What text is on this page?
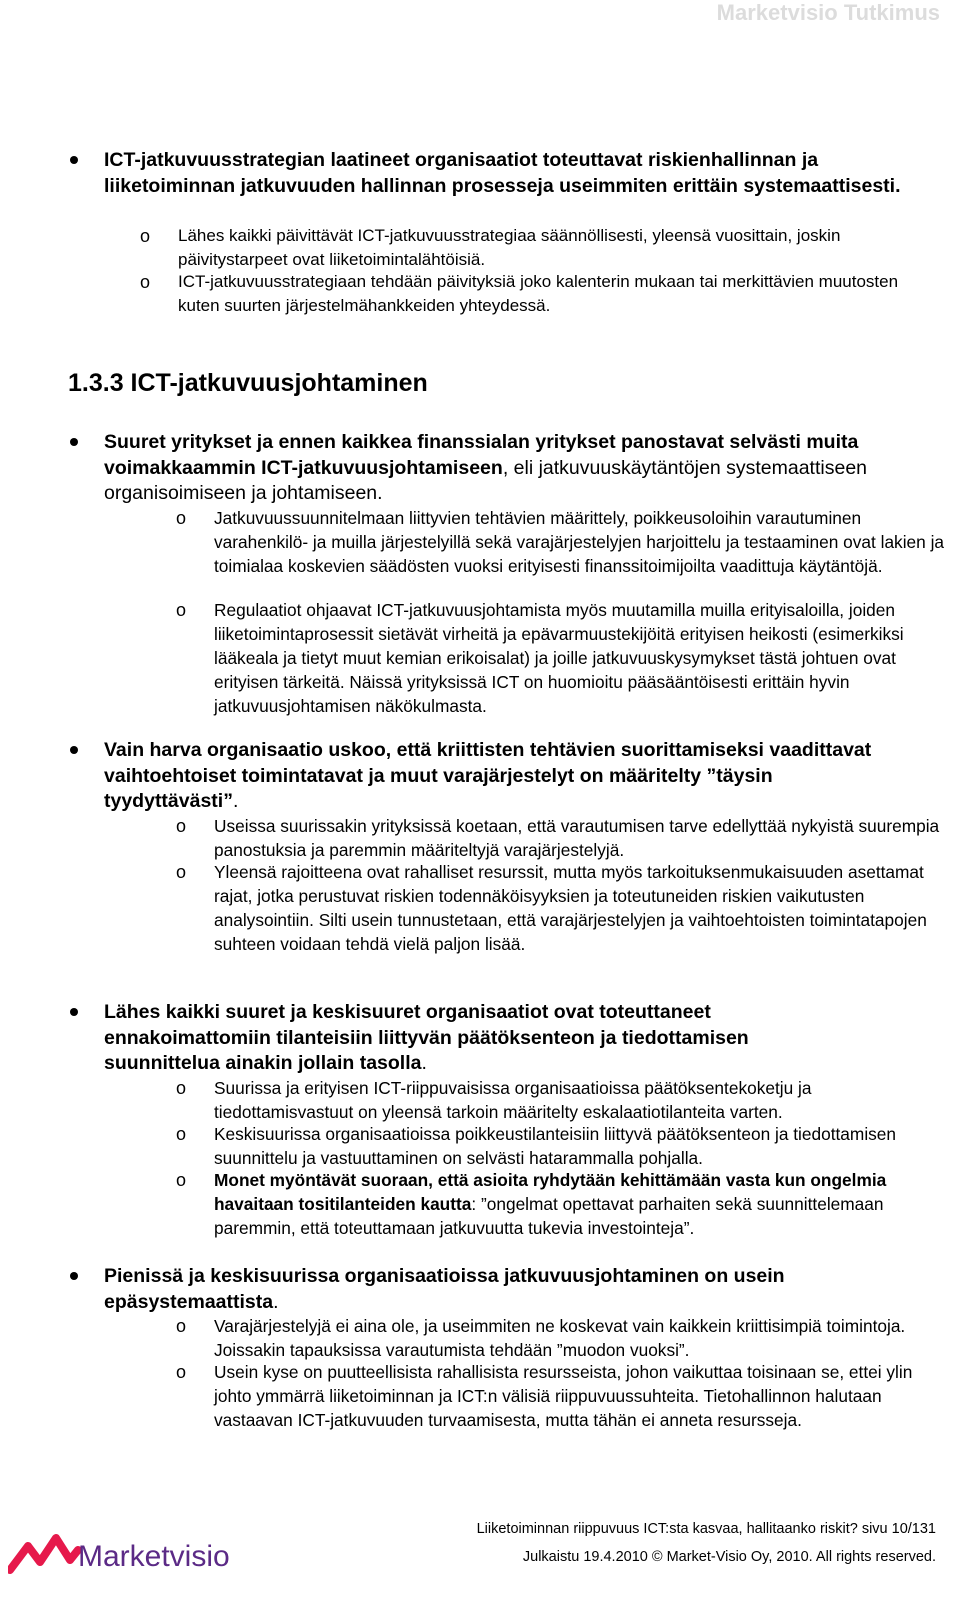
Marketvisio Tutkimus
ICT-jatkuvuusstrategian laatineet organisaatiot toteuttavat riskienhallinnan ja liiketoiminnan jatkuvuuden hallinnan prosesseja useimmiten erittäin systemaattisesti.
o Lähes kaikki päivittävät ICT-jatkuvuusstrategiaa säännöllisesti, yleensä vuosittain, joskin päivitystarpeet ovat liiketoimintalähtöisiä.
o ICT-jatkuvuusstrategiaan tehdään päivityksiä joko kalenterin mukaan tai merkittävien muutosten kuten suurten järjestelmähankkeiden yhteydessä.
1.3.3 ICT-jatkuvuusjohtaminen
Suuret yritykset ja ennen kaikkea finanssialan yritykset panostavat selvästi muita voimakkaammin ICT-jatkuvuusjohtamiseen, eli jatkuvuuskäytäntöjen systemaattiseen organisoimiseen ja johtamiseen.
o Jatkuvuussuunnitelmaan liittyvien tehtävien määrittely, poikkeusoloihin varautuminen varahenkilö- ja muilla järjestelyillä sekä varajärjestelyjen harjoittelu ja testaaminen ovat lakien ja toimialaa koskevien säädösten vuoksi erityisesti finanssitoimijoilta vaadittuja käytäntöjä.
o Regulaatiot ohjaavat ICT-jatkuvuusjohtamista myös muutamilla muilla erityisaloilla, joiden liiketoimintaprosessit sietävät virheitä ja epävarmuustekijöitä erityisen heikosti (esimerkiksi lääkeala ja tietyt muut kemian erikoisalat) ja joille jatkuvuuskysymykset tästä johtuen ovat erityisen tärkeitä. Näissä yrityksissä ICT on huomioitu pääsääntöisesti erittäin hyvin jatkuvuusjohtamisen näkökulmasta.
Vain harva organisaatio uskoo, että kriittisten tehtävien suorittamiseksi vaadittavat vaihtoehtoiset toimintatavat ja muut varajärjestelyt on määritelty ”täysin tyydyttävästi”.
o Useissa suurissakin yrityksissä koetaan, että varautumisen tarve edellyttää nykyistä suurempia panostuksia ja paremmin määriteltyjä varajärjestelyjä.
o Yleensä rajoitteena ovat rahalliset resurssit, mutta myös tarkoituksenmukaisuuden asettamat rajat, jotka perustuvat riskien todennäköisyyksien ja toteutuneiden riskien vaikutusten analysointiin. Silti usein tunnustetaan, että varajärjestelyjen ja vaihtoehtoisten toimintatapojen suhteen voidaan tehdä vielä paljon lisää.
Lähes kaikki suuret ja keskisuuret organisaatiot ovat toteuttaneet ennakoimattomiin tilanteisiin liittyvän päätöksenteon ja tiedottamisen suunnittelua ainakin jollain tasolla.
o Suurissa ja erityisen ICT-riippuvaisissa organisaatioissa päätöksentekoketju ja tiedottamisvastuut on yleensä tarkoin määritelty eskalaatiotilanteita varten.
o Keskisuurissa organisaatioissa poikkeustilanteisiin liittyvä päätöksenteon ja tiedottamisen suunnittelu ja vastuuttaminen on selvästi hatarammalla pohjalla.
o Monet myöntävät suoraan, että asioita ryhdytään kehittämään vasta kun ongelmia havaitaan tositilanteiden kautta: ”ongelmat opettavat parhaiten sekä suunnittelemaan paremmin, että toteuttamaan jatkuvuutta tukevia investointeja”.
Pienissä ja keskisuurissa organisaatioissa jatkuvuusjohtaminen on usein epäsystemaattista.
o Varajärjestelyjä ei aina ole, ja useimmiten ne koskevat vain kaikkein kriittisimpiä toimintoja. Joissakin tapauksissa varautumista tehdään ”muodon vuoksi”.
o Usein kyse on puutteellisista rahallisista resursseista, johon vaikuttaa toisinaan se, ettei ylin johto ymmärrä liiketoiminnan ja ICT:n välisiä riippuvuussuhteita. Tietohallinnon halutaan vastaavan ICT-jatkuvuuden turvaamisesta, mutta tähän ei anneta resursseja.
Marketvisio
Liiketoiminnan riippuvuus ICT:sta kasvaa, hallitaanko riskit? sivu 10/131
Julkaistu 19.4.2010 © Market-Visio Oy, 2010. All rights reserved.
